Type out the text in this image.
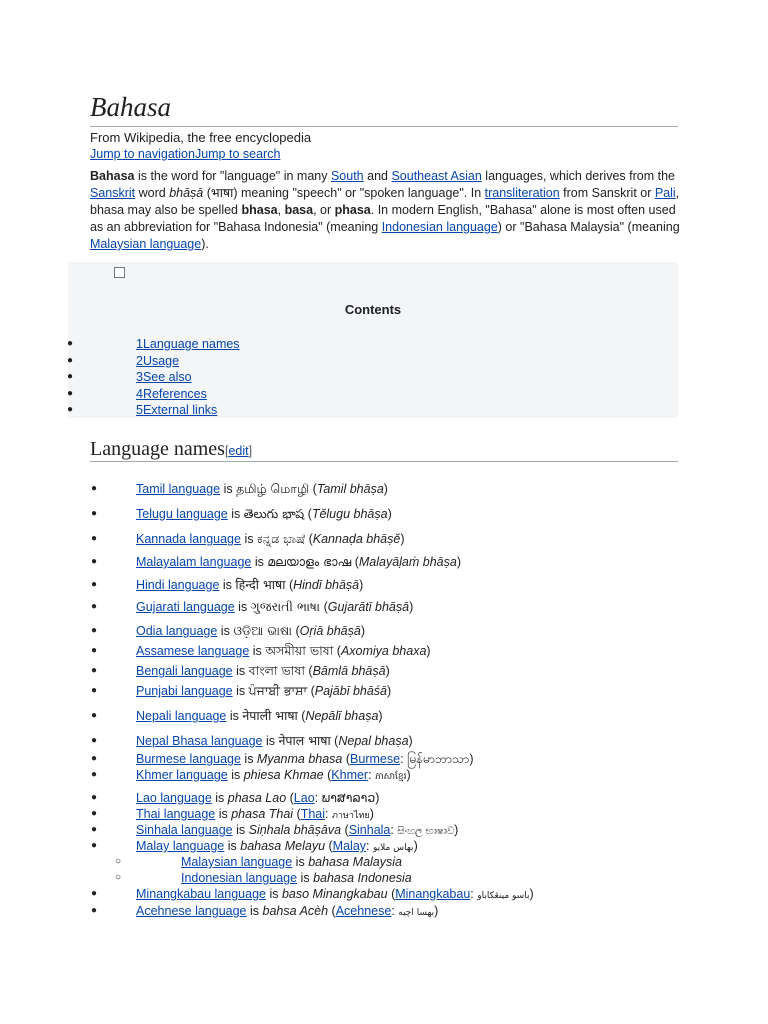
Bahasa
From Wikipedia, the free encyclopedia
Jump to navigationJump to search
Bahasa is the word for "language" in many South and Southeast Asian languages, which derives from the Sanskrit word bhāṣā (भाषा) meaning "speech" or "spoken language". In transliteration from Sanskrit or Pali, bhasa may also be spelled bhasa, basa, or phasa. In modern English, "Bahasa" alone is most often used as an abbreviation for "Bahasa Indonesia" (meaning Indonesian language) or "Bahasa Malaysia" (meaning Malaysian language).
Contents
●	1Language names
●	2Usage
●	3See also
●	4References
●	5External links
Language names[edit]
●	Tamil language is தமிழ் மொழி (Tamil bhāṣa)
●	Telugu language is తెలుగు భాష (Tĕlugu bhāṣa)
●	Kannada language is ಕನ್ನಡ ಭಾಷೆ (Kannaḍa bhāṣĕ)
●	Malayalam language is മലയാളം ഭാഷ (Malayāḷaṁ bhāṣa)
●	Hindi language is हिन्दी भाषा (Hindī bhāṣā)
●	Gujarati language is ગુજરાતી ભાષા (Gujarātī bhāṣā)
●	Odia language is ଓଡ଼ିଆ ଭାଷା (Oṛiā bhāṣā)
●	Assamese language is অসমীয়া ভাষা (Axomiya bhaxa)
●	Bengali language is বাংলা ভাষা (Bāmlā bhāṣā)
●	Punjabi language is ਪੰਜਾਬੀ ਭਾਸ਼ਾ (Pajābī bhāśā)
●	Nepali language is नेपाली भाषा (Nepālī bhaṣa)
●	Nepal Bhasa language is नेपाल भाषा (Nepal bhaṣa)
●	Burmese language is Myanma bhasa (Burmese: မြန်မာဘာသာ)
●	Khmer language is phiesa Khmae (Khmer: ភាសាខ្មែរ)
●	Lao language is phasa Lao (Lao: ພາສາລາວ)
●	Thai language is phasa Thai (Thai: ภาษาไทย)
●	Sinhala language is Siṇhala bhāṣāva (Sinhala: සිංහල භාෂාව)
●	Malay language is bahasa Melayu (Malay: بهاس ملايو)
○	Malaysian language is bahasa Malaysia
○	Indonesian language is bahasa Indonesia
●	Minangkabau language is baso Minangkabau (Minangkabau: باسو مينڠكاباو)
●	Acehnese language is bahsa Acèh (Acehnese: بهسا اچيه)
